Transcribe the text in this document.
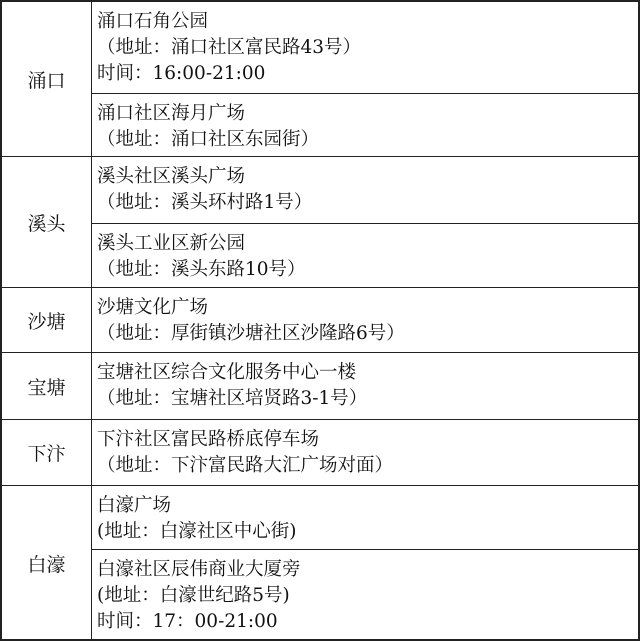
涌口
涌口石角公园
（地址：涌口社区富民路43号）
时间：16:00-21:00
涌口社区海月广场
（地址：涌口社区东园街）
溪头
溪头社区溪头广场
（地址：溪头环村路1号）
溪头工业区新公园
（地址：溪头东路10号）
沙塘
沙塘文化广场
（地址：厚街镇沙塘社区沙隆路6号）
宝塘
宝塘社区综合文化服务中心一楼
（地址：宝塘社区培贤路3-1号）
下汴
下汴社区富民路桥底停车场
（地址：下汴富民路大汇广场对面）
白濠
白濠广场
(地址：白濠社区中心街)
白濠社区辰伟商业大厦旁
(地址：白濠世纪路5号)
时间：17：00-21:00
